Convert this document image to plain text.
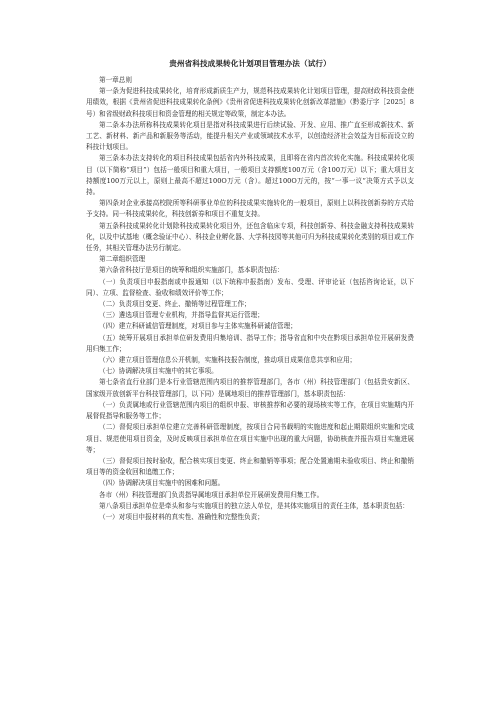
贵州省科技成果转化计划项目管理办法（试行）

第一章总则

第一条为促进科技成果转化，培育形成新质生产力，规范科技成果转化计划项目管理，提高财政科技资金使用绩效，根据《贵州省促进科技成果转化条例》《贵州省促进科技成果转化创新改革措施》（黔委厅字［2025］8号）和省级财政科技项目和资金管理的相关规定等政策，制定本办法。

第二条本办法所称科技成果转化项目是指对科技成果进行后续试验、开发、应用、推广直至形成新技术、新工艺、新材料、新产品和新服务等活动，能提升相关产业或领域技术水平，以创造经济社会效益为目标而设立的科技计划项目。

第三条本办法支持转化的项目科技成果包括省内外科技成果，且即将在省内首次转化实施。科技成果转化项目（以下简称“项目”）包括一般项目和重大项目，一般项目支持额度100万元（含100万元）以下；重大项目支持额度100万元以上，原则上最高不超过100O万元（含）。超过100O万元的，按“一事一议”决策方式予以支持。

第四条对企业承接高校院所等科研事业单位的科技成果实施转化的一般项目，原则上以科技创新券的方式给予支持。同一科技成果转化，科技创新券和项目不重复支持。

第五条科技成果转化计划除科技成果转化项目外，还包含临床专项，科技创新券、科技金融支持科技成果转化，以及中试基地（概念验证中心）、科技企业孵化器、大学科技园等其他可归为科技成果转化类别的项目或工作任务，其相关管理办法另行制定。

第二章组织管理

第六条省科技厅是项目的统筹和组织实施部门，基本职责包括：

（一）负责项目申报指南或申报通知（以下统称申报指南）发布、受理、评审论证（包括咨询论证，以下同）、立项、监督检查、验收和绩效评价等工作；

（二）负责项目变更、终止、撤销等过程管理工作；

（三）遴选项目管理专业机构，并指导监督其运行管理；

（四）建立科研诚信管理制度，对项目参与主体实施科研诚信管理；

（五）统筹开展项目承担单位研发费用归集培训、指导工作；指导省直和中央在黔项目承担单位开展研发费用归集工作；

（六）建立项目管理信息公开机制，实施科技报告制度，推动项目成果信息共享和应用；

（七）协调解决项目实施中的其它事项。

第七条省直行业部门是本行业管辖范围内项目的推荐管理部门，各市（州）科技管理部门（包括贵安新区、国家级开放创新平台科技管理部门，以下同）是属地项目的推荐管理部门，基本职责包括：

（一）负责属地或行业管辖范围内项目的组织申报、审核推荐和必要的现场核实等工作，在项目实施期内开展督促指导和服务等工作；

（二）督促项目承担单位建立完善科研管理制度，按项目合同书载明的实施进度和起止期限组织实施和完成项目、规范使用项目资金，及时反映项目承担单位在项目实施中出现的重大问题，协助核查并报告项目实施进展等；

（三）督促项目按时验收，配合核实项目变更、终止和撤销等事项；配合处置逾期未验收项目、终止和撤销项目等的资金收回和追缴工作；

（四）协调解决项目实施中的困难和问题。

各市（州）科技管理部门负责指导属地项目承担单位开展研发费用归集工作。

第八条项目承担单位是牵头和参与实施项目的独立法人单位，是其体实施项目的责任主体，基本职责包括：

（一）对项目申报材料的真实性、准确性和完整性负责；
